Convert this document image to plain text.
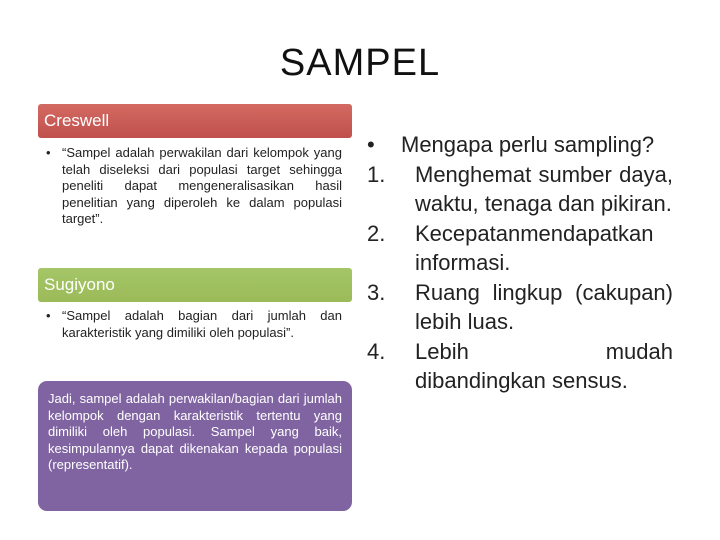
SAMPEL
Creswell
• “Sampel adalah perwakilan dari kelompok yang telah diseleksi dari populasi target sehingga peneliti dapat mengeneralisasikan hasil penelitian yang diperoleh ke dalam populasi target”.

Sugiyono
• “Sampel adalah bagian dari jumlah dan karakteristik yang dimiliki oleh populasi”.

Jadi, sampel adalah perwakilan/bagian dari jumlah kelompok dengan karakteristik tertentu yang dimiliki oleh populasi. Sampel yang baik, kesimpulannya dapat dikenakan kepada populasi (representatif).

• Mengapa perlu sampling?
1. Menghemat sumber daya, waktu, tenaga dan pikiran.
2. Kecepatanmendapatkan informasi.
3. Ruang lingkup (cakupan) lebih luas.
4. Lebih mudah dibandingkan sensus.
